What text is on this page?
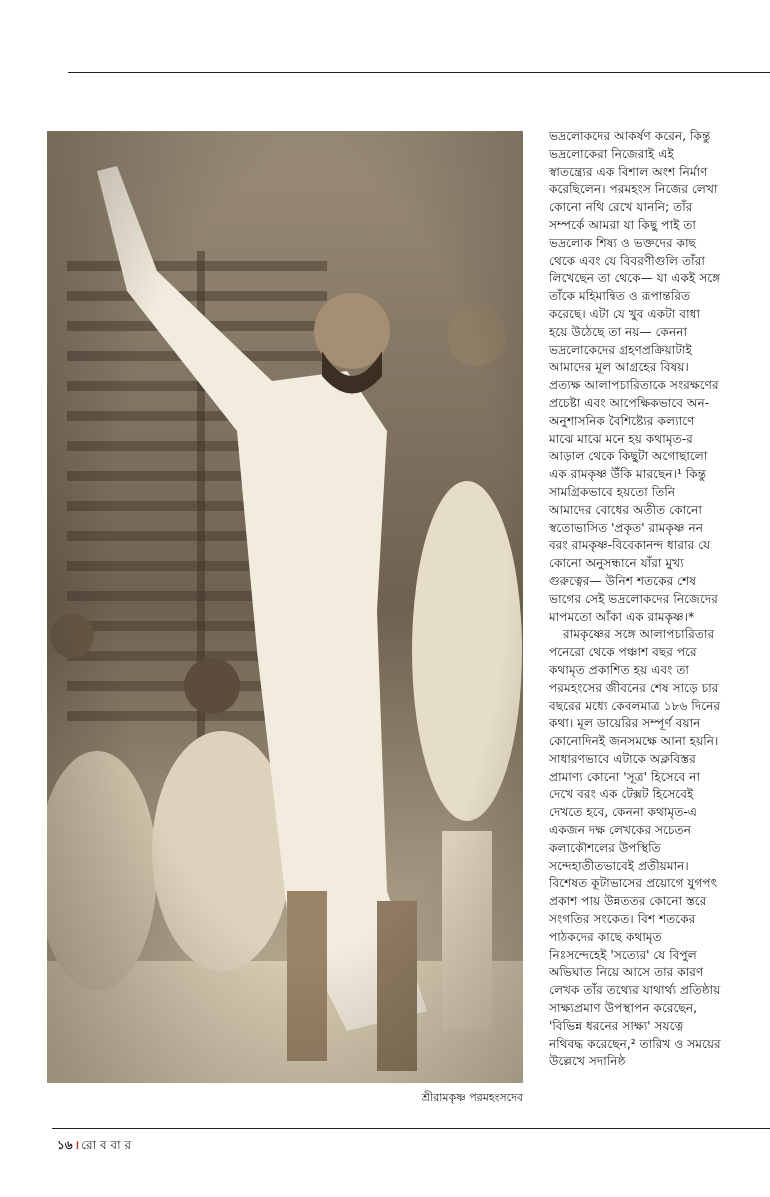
শ্রীরামকৃষ্ণ পরমহংসদেব

ভদ্রলোকদের আকর্ষণ করেন, কিন্তু ভদ্রলোকেরা নিজেরাই এই স্বাতন্ত্র্যের এক বিশাল অংশ নির্মাণ করেছিলেন। পরমহংস নিজের লেখা কোনো নথি রেখে যাননি; তাঁর সম্পর্কে আমরা যা কিছু পাই তা ভদ্রলোক শিষ্য ও ভক্তদের কাছ থেকে এবং যে বিবরণীগুলি তাঁরা লিখেছেন তা থেকে— যা একই সঙ্গে তাঁকে মহিমান্বিত ও রূপান্তরিত করেছে। এটা যে খুব একটা বাধা হয়ে উঠেছে তা নয়— কেননা ভদ্রলোকেদের গ্রহণপ্রক্রিয়াটাই আমাদের মূল আগ্রহের বিষয়। প্রত্যক্ষ আলাপচারিতাকে সংরক্ষণের প্রচেষ্টা এবং আপেক্ষিকভাবে অন-অনুশাসনিক বৈশিষ্ট্যের কল্যাণে মাঝে মাঝে মনে হয় কথামৃত-র আড়াল থেকে কিছুটা অগোছালো এক রামকৃষ্ণ উঁকি মারছেন।¹ কিন্তু সামগ্রিকভাবে হয়তো তিনি আমাদের বোধের অতীত কোনো স্বতোভাসিত 'প্রকৃত' রামকৃষ্ণ নন বরং রামকৃষ্ণ-বিবেকানন্দ ধারার যে কোনো অনুসন্ধানে যাঁরা মুখ্য গুরুত্বের— উনিশ শতকের শেষ ভাগের সেই ভদ্রলোকদের নিজেদের মাপমতো আঁকা এক রামকৃষ্ণ।*

রামকৃষ্ণের সঙ্গে আলাপচারিতার পনেরো থেকে পঞ্চাশ বছর পরে কথামৃত প্রকাশিত হয় এবং তা পরমহংসের জীবনের শেষ সাড়ে চার বছরের মধ্যে কেবলমাত্র ১৮৬ দিনের কথা। মূল ডায়েরির সম্পূর্ণ বয়ান কোনোদিনই জনসমক্ষে আনা হয়নি। সাধারণভাবে এটাকে অক্লবিস্তর প্রামাণ্য কোনো 'সূত্র' হিসেবে না দেখে বরং এক টেক্সট হিসেবেই দেখতে হবে, কেননা কথামৃত-এ একজন দক্ষ লেখকের সচেতন কলাকৌশলের উপস্থিতি সন্দেহাতীতভাবেই প্রতীয়মান। বিশেষত কূটাভাসের প্রয়োগে যুগপৎ প্রকাশ পায় উন্নততর কোনো স্তরে সংগতির সংকেত। বিশ শতকের পাঠকদের কাছে কথামৃত নিঃসন্দেহেই 'সত্যের' যে বিপুল অভিঘাত নিয়ে আসে তার কারণ লেখক তাঁর তথ্যের যাথার্থ্য প্রতিষ্ঠায় সাক্ষ্যপ্রমাণ উপস্থাপন করেছেন, 'বিভিন্ন ধরনের সাক্ষ্য' সযত্নে নথিবদ্ধ করেছেন,² তারিখ ও সময়ের উল্লেখে সদানিষ্ঠ

১৬ । রো ব বা র
